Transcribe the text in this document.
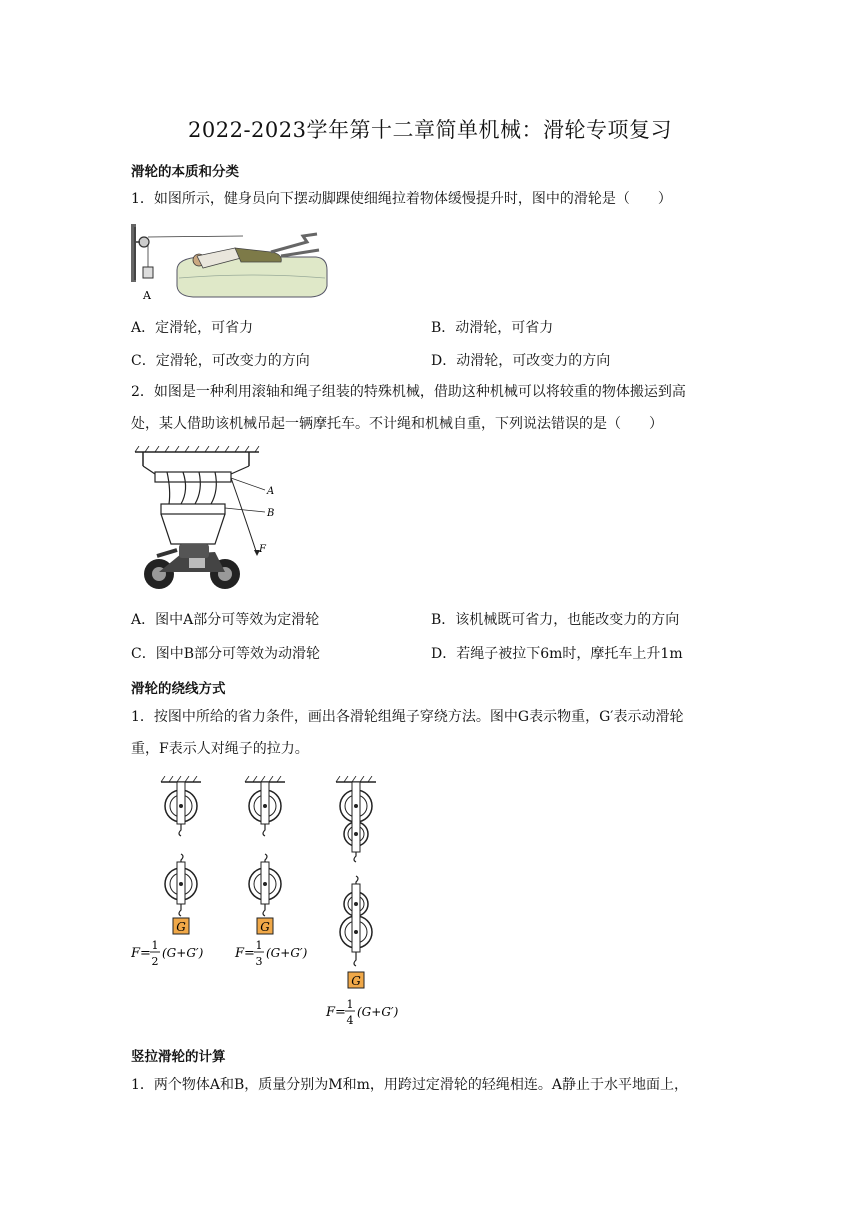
2022-2023学年第十二章简单机械：滑轮专项复习
滑轮的本质和分类
1．如图所示，健身员向下摆动脚踝使细绳拉着物体缓慢提升时，图中的滑轮是（　　）
A
A．定滑轮，可省力	B．动滑轮，可省力
C．定滑轮，可改变力的方向	D．动滑轮，可改变力的方向
2．如图是一种利用滚轴和绳子组装的特殊机械，借助这种机械可以将较重的物体搬运到高
处，某人借助该机械吊起一辆摩托车。不计绳和机械自重，下列说法错误的是（　　）
A
B
F
A．图中A部分可等效为定滑轮	B．该机械既可省力，也能改变力的方向
C．图中B部分可等效为动滑轮	D．若绳子被拉下6m时，摩托车上升1m
滑轮的绕线方式
1．按图中所给的省力条件，画出各滑轮组绳子穿绕方法。图中G表示物重，G′表示动滑轮
重，F表示人对绳子的拉力。
G
F=
1
2
(G+G′)
G
F=
1
3
(G+G′)
G
F=
1
4
(G+G′)
竖拉滑轮的计算
1．两个物体A和B，质量分别为M和m，用跨过定滑轮的轻绳相连。A静止于水平地面上，
